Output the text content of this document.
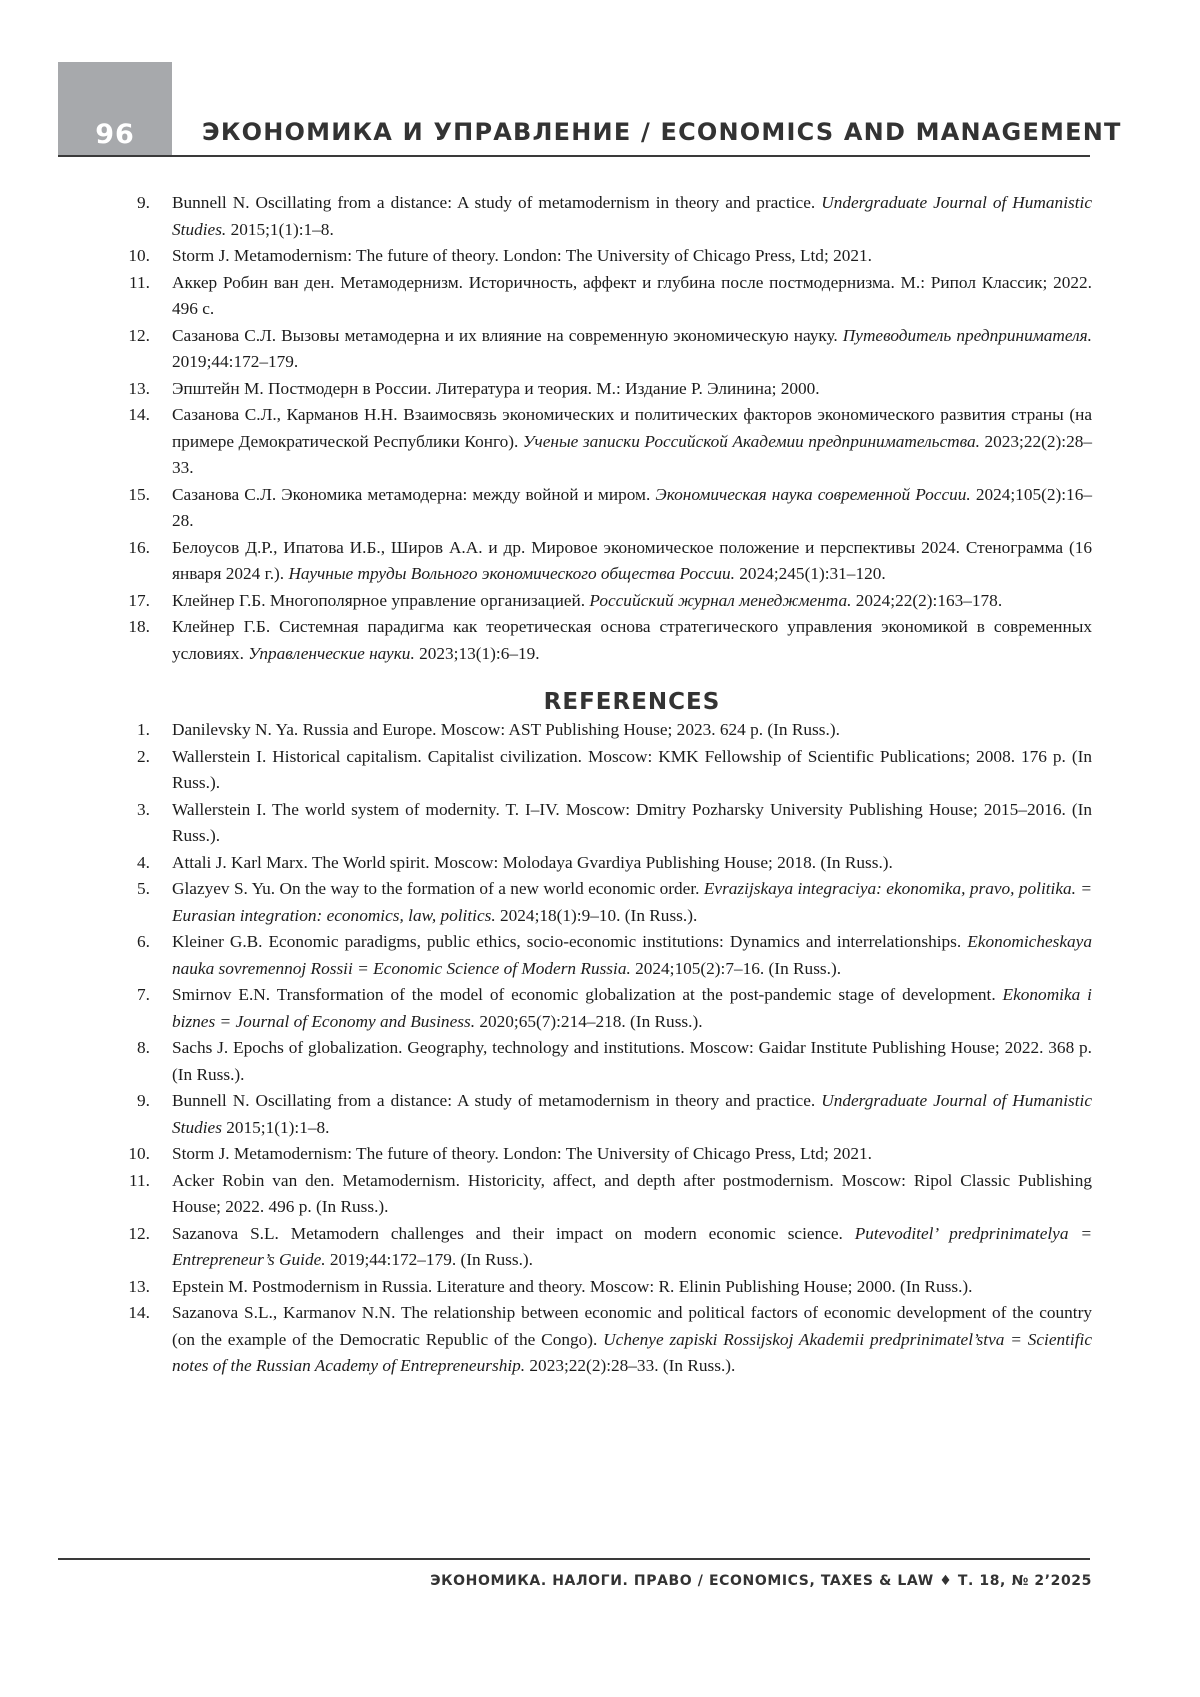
96	ЭКОНОМИКА И УПРАВЛЕНИЕ / ECONOMICS AND MANAGEMENT
9. Bunnell N. Oscillating from a distance: A study of metamodernism in theory and practice. Undergraduate Journal of Humanistic Studies. 2015;1(1):1–8.
10. Storm J. Metamodernism: The future of theory. London: The University of Chicago Press, Ltd; 2021.
11. Аккер Робин ван ден. Метамодернизм. Историчность, аффект и глубина после постмодернизма. М.: Рипол Классик; 2022. 496 с.
12. Сазанова С.Л. Вызовы метамодерна и их влияние на современную экономическую науку. Путеводитель предпринимателя. 2019;44:172–179.
13. Эпштейн М. Постмодерн в России. Литература и теория. М.: Издание Р. Элинина; 2000.
14. Сазанова С.Л., Карманов Н.Н. Взаимосвязь экономических и политических факторов экономического развития страны (на примере Демократической Республики Конго). Ученые записки Российской Академии предпринимательства. 2023;22(2):28–33.
15. Сазанова С.Л. Экономика метамодерна: между войной и миром. Экономическая наука современной России. 2024;105(2):16–28.
16. Белоусов Д.Р., Ипатова И.Б., Широв А.А. и др. Мировое экономическое положение и перспективы 2024. Стенограмма (16 января 2024 г.). Научные труды Вольного экономического общества России. 2024;245(1):31–120.
17. Клейнер Г.Б. Многополярное управление организацией. Российский журнал менеджмента. 2024;22(2):163–178.
18. Клейнер Г.Б. Системная парадигма как теоретическая основа стратегического управления экономикой в современных условиях. Управленческие науки. 2023;13(1):6–19.
REFERENCES
1. Danilevsky N. Ya. Russia and Europe. Moscow: AST Publishing House; 2023. 624 p. (In Russ.).
2. Wallerstein I. Historical capitalism. Capitalist civilization. Moscow: KMK Fellowship of Scientific Publications; 2008. 176 p. (In Russ.).
3. Wallerstein I. The world system of modernity. T. I–IV. Moscow: Dmitry Pozharsky University Publishing House; 2015–2016. (In Russ.).
4. Attali J. Karl Marx. The World spirit. Moscow: Molodaya Gvardiya Publishing House; 2018. (In Russ.).
5. Glazyev S. Yu. On the way to the formation of a new world economic order. Evrazijskaya integraciya: ekonomika, pravo, politika. = Eurasian integration: economics, law, politics. 2024;18(1):9–10. (In Russ.).
6. Kleiner G.B. Economic paradigms, public ethics, socio-economic institutions: Dynamics and interrelationships. Ekonomicheskaya nauka sovremennoj Rossii = Economic Science of Modern Russia. 2024;105(2):7–16. (In Russ.).
7. Smirnov E.N. Transformation of the model of economic globalization at the post-pandemic stage of development. Ekonomika i biznes = Journal of Economy and Business. 2020;65(7):214–218. (In Russ.).
8. Sachs J. Epochs of globalization. Geography, technology and institutions. Moscow: Gaidar Institute Publishing House; 2022. 368 p. (In Russ.).
9. Bunnell N. Oscillating from a distance: A study of metamodernism in theory and practice. Undergraduate Journal of Humanistic Studies 2015;1(1):1–8.
10. Storm J. Metamodernism: The future of theory. London: The University of Chicago Press, Ltd; 2021.
11. Acker Robin van den. Metamodernism. Historicity, affect, and depth after postmodernism. Moscow: Ripol Classic Publishing House; 2022. 496 p. (In Russ.).
12. Sazanova S.L. Metamodern challenges and their impact on modern economic science. Putevoditel’ predprinimatelya = Entrepreneur’s Guide. 2019;44:172–179. (In Russ.).
13. Epstein M. Postmodernism in Russia. Literature and theory. Moscow: R. Elinin Publishing House; 2000. (In Russ.).
14. Sazanova S.L., Karmanov N.N. The relationship between economic and political factors of economic development of the country (on the example of the Democratic Republic of the Congo). Uchenye zapiski Rossijskoj Akademii predprinimatel’stva = Scientific notes of the Russian Academy of Entrepreneurship. 2023;22(2):28–33. (In Russ.).
ЭКОНОМИКА. НАЛОГИ. ПРАВО / ECONOMICS, TAXES & LAW ♦ Т. 18, № 2’2025
